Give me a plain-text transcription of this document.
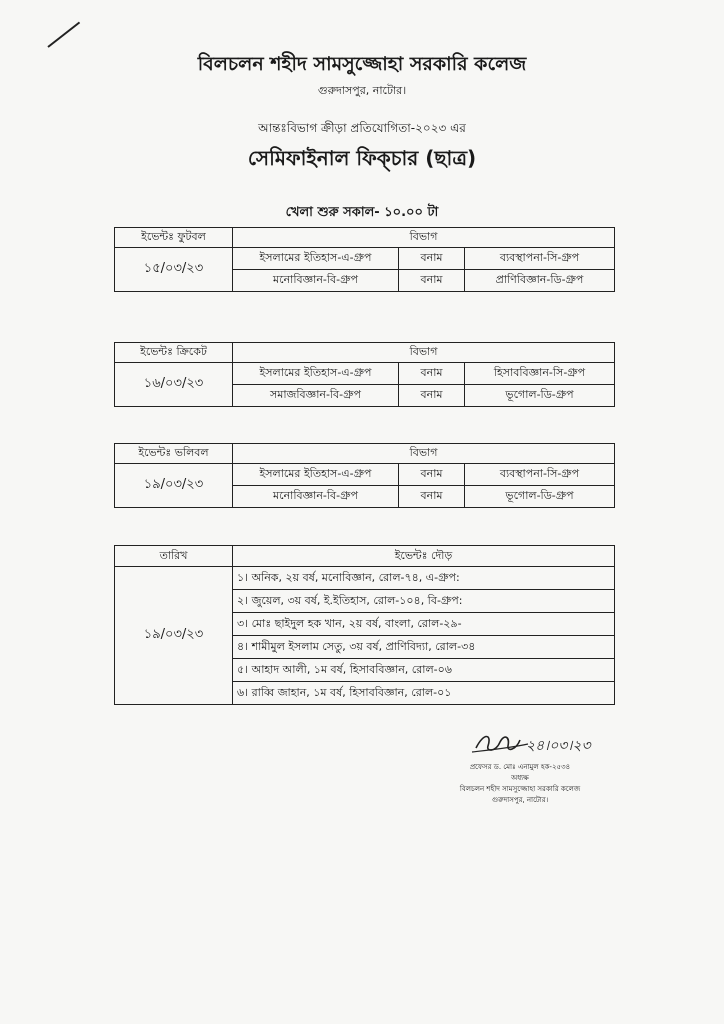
বিলচলন শহীদ সামসুজ্জোহা সরকারি কলেজ
গুরুদাসপুর, নাটোর।
আন্তঃবিভাগ ক্রীড়া প্রতিযোগিতা-২০২৩ এর
সেমিফাইনাল ফিক্চার (ছাত্র)
খেলা শুরু সকাল- ১০.০০ টা
ইভেন্টঃ ফুটবল	বিভাগ		
১৫/০৩/২৩	ইসলামের ইতিহাস-এ-গ্রুপ	বনাম	ব্যবস্থাপনা-সি-গ্রুপ
	মনোবিজ্ঞান-বি-গ্রুপ	বনাম	প্রাণিবিজ্ঞান-ডি-গ্রুপ
ইভেন্টঃ ক্রিকেট	বিভাগ		
১৬/০৩/২৩	ইসলামের ইতিহাস-এ-গ্রুপ	বনাম	হিসাববিজ্ঞান-সি-গ্রুপ
	সমাজবিজ্ঞান-বি-গ্রুপ	বনাম	ভূগোল-ডি-গ্রুপ
ইভেন্টঃ ভলিবল	বিভাগ		
১৯/০৩/২৩	ইসলামের ইতিহাস-এ-গ্রুপ	বনাম	ব্যবস্থাপনা-সি-গ্রুপ
	মনোবিজ্ঞান-বি-গ্রুপ	বনাম	ভূগোল-ডি-গ্রুপ
তারিখ	ইভেন্টঃ দৌড়
১৯/০৩/২৩	১। অনিক, ২য় বর্ষ, মনোবিজ্ঞান, রোল-৭৪, এ-গ্রুপ:
	২। জুয়েল, ৩য় বর্ষ, ই.ইতিহাস, রোল-১০৪, বি-গ্রুপ:
	৩। মোঃ ছাইদুল হক খান, ২য় বর্ষ, বাংলা, রোল-২৯-
	৪। শামীমুল ইসলাম সেতু, ৩য় বর্ষ, প্রাণিবিদ্যা, রোল-৩৪
	৫। আহাদ আলী, ১ম বর্ষ, হিসাববিজ্ঞান, রোল-০৬
	৬। রাব্বি জাহান, ১ম বর্ষ, হিসাববিজ্ঞান, রোল-০১
২৪।০৩।২৩
প্রফেসর ড. মোঃ এনামুল হক-২৫৩৪
অধ্যক্ষ
বিলচলন শহীদ সামসুজ্জোহা সরকারি কলেজ
গুরুদাসপুর, নাটোর।
